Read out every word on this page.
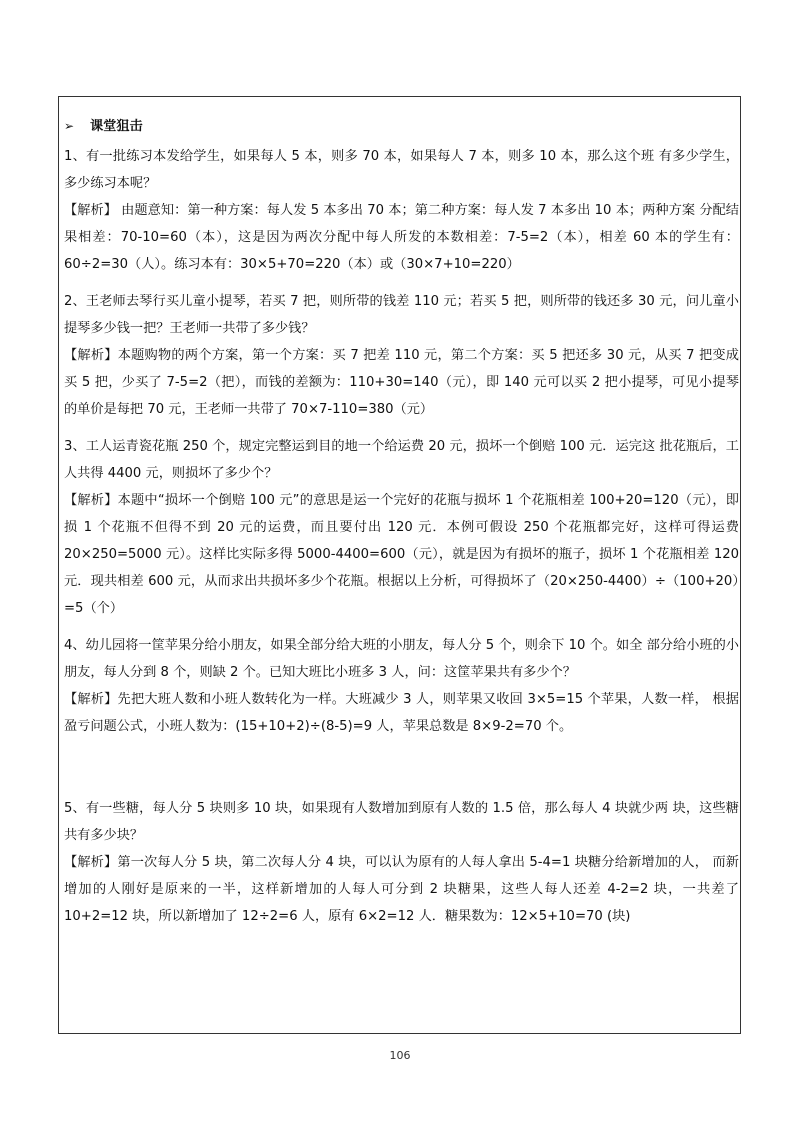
➢	课堂狙击

1、有一批练习本发给学生，如果每人 5 本，则多 70 本，如果每人 7 本，则多 10 本，那么这个班 有多少学生，多少练习本呢？

【解析】 由题意知：第一种方案：每人发 5 本多出 70 本；第二种方案：每人发 7 本多出 10 本；两种方案 分配结果相差：70-10=60（本），这是因为两次分配中每人所发的本数相差：7-5=2（本），相差 60 本的学生有：60÷2=30（人）。练习本有：30×5+70=220（本）或（30×7+10=220）

2、王老师去琴行买儿童小提琴，若买 7 把，则所带的钱差 110 元；若买 5 把，则所带的钱还多 30 元，问儿童小提琴多少钱一把？王老师一共带了多少钱？

【解析】本题购物的两个方案，第一个方案：买 7 把差 110 元，第二个方案：买 5 把还多 30 元，从买 7 把变成买 5 把，少买了 7-5=2（把），而钱的差额为：110+30=140（元），即 140 元可以买 2 把小提琴，可见小提琴的单价是每把 70 元，王老师一共带了 70×7-110=380（元）

3、工人运青瓷花瓶 250 个，规定完整运到目的地一个给运费 20 元，损坏一个倒赔 100 元．运完这 批花瓶后，工人共得 4400 元，则损坏了多少个？

【解析】本题中“损坏一个倒赔 100 元”的意思是运一个完好的花瓶与损坏 1 个花瓶相差 100+20=120（元），即损 1 个花瓶不但得不到 20 元的运费，而且要付出 120 元．本例可假设 250 个花瓶都完好，这样可得运费 20×250=5000 元）。这样比实际多得 5000-4400=600（元），就是因为有损坏的瓶子，损坏 1 个花瓶相差 120 元．现共相差 600 元，从而求出共损坏多少个花瓶。根据以上分析，可得损坏了（20×250-4400）÷（100+20）=5（个）

4、幼儿园将一筐苹果分给小朋友，如果全部分给大班的小朋友，每人分 5 个，则余下 10 个。如全 部分给小班的小朋友，每人分到 8 个，则缺 2 个。已知大班比小班多 3 人，问：这筐苹果共有多少个？

【解析】先把大班人数和小班人数转化为一样。大班减少 3 人，则苹果又收回 3×5=15 个苹果，人数一样， 根据盈亏问题公式，小班人数为：(15+10+2)÷(8-5)=9 人，苹果总数是 8×9-2=70 个。

5、有一些糖，每人分 5 块则多 10 块，如果现有人数增加到原有人数的 1.5 倍，那么每人 4 块就少两 块，这些糖共有多少块？

【解析】第一次每人分 5 块，第二次每人分 4 块，可以认为原有的人每人拿出 5-4=1 块糖分给新增加的人， 而新增加的人刚好是原来的一半，这样新增加的人每人可分到 2 块糖果，这些人每人还差 4-2=2 块，一共差了 10+2=12 块，所以新增加了 12÷2=6 人，原有 6×2=12 人．糖果数为：12×5+10=70 (块)

106
